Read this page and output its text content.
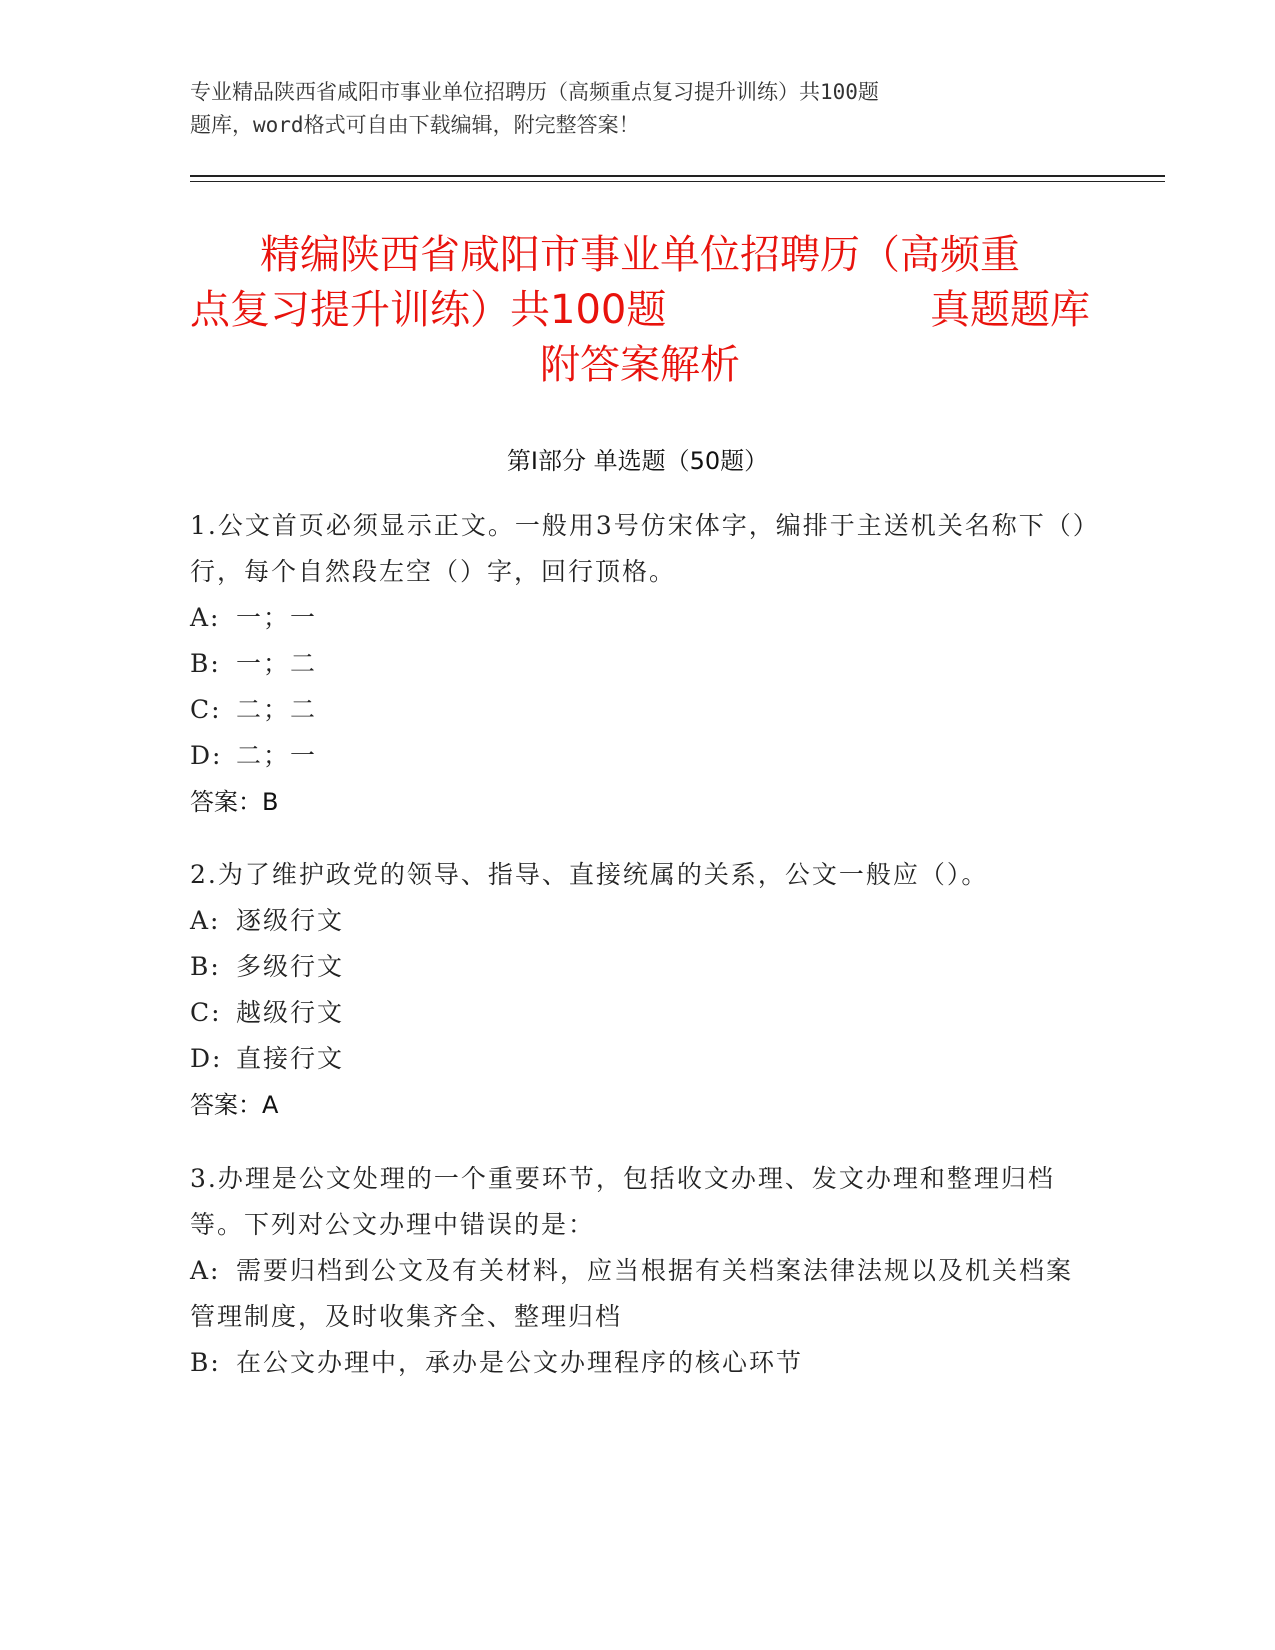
专业精品陕西省咸阳市事业单位招聘历（高频重点复习提升训练）共100题
题库，word格式可自由下载编辑，附完整答案！
精编陕西省咸阳市事业单位招聘历（高频重
点复习提升训练）共100题	真题题库
附答案解析
第Ⅰ部分 单选题（50题）
1.公文首页必须显示正文。一般用3号仿宋体字，编排于主送机关名称下（）行，每个自然段左空（）字，回行顶格。
A: 一；一
B: 一；二
C: 二；二
D: 二；一
答案：B
2.为了维护政党的领导、指导、直接统属的关系，公文一般应（）。
A: 逐级行文
B: 多级行文
C: 越级行文
D: 直接行文
答案：A
3.办理是公文处理的一个重要环节，包括收文办理、发文办理和整理归档等。下列对公文办理中错误的是：
A: 需要归档到公文及有关材料，应当根据有关档案法律法规以及机关档案管理制度，及时收集齐全、整理归档
B: 在公文办理中，承办是公文办理程序的核心环节
